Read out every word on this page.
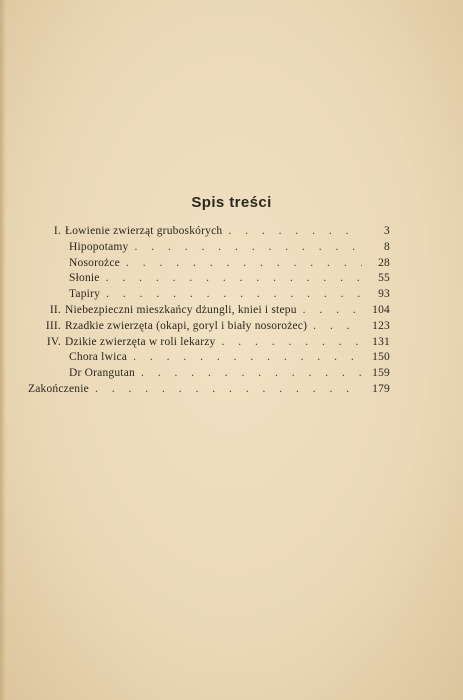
Spis treści
I. Łowienie zwierząt gruboskórych . . .	3
Hipopotamy . . .	8
Nosorożce . . .	28
Słonie . . .	55
Tapiry . . .	93
II. Niebezpieczni mieszkańcy dżungli, kniei i stepu . . .	104
III. Rzadkie zwierzęta (okapi, goryl i biały nosorożec) . . .	123
IV. Dzikie zwierzęta w roli lekarzy . . .	131
Chora lwica . . .	150
Dr Orangutan . . .	159
Zakończenie . . .	179
